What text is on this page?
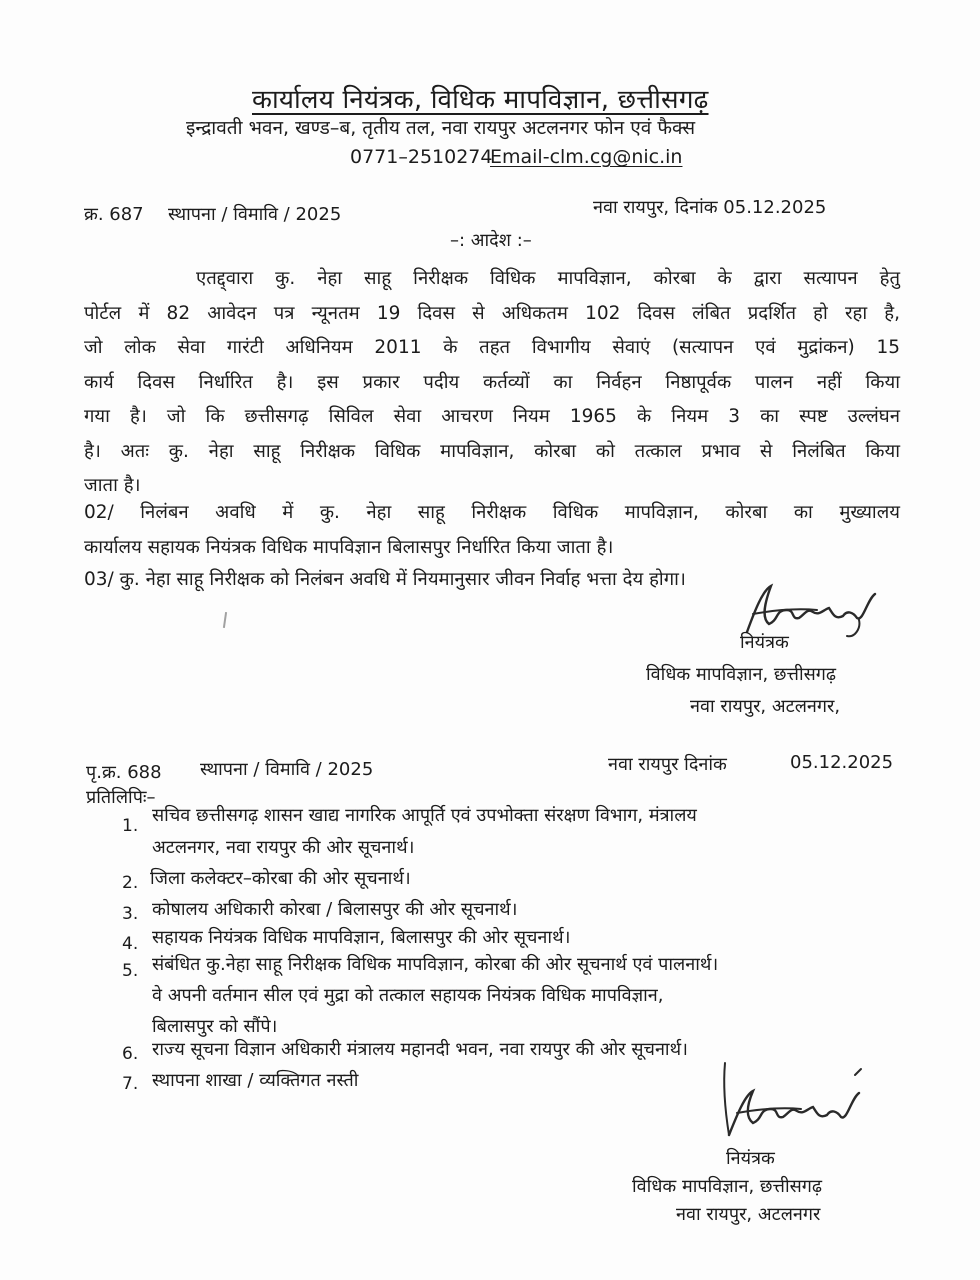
कार्यालय नियंत्रक, विधिक मापविज्ञान, छत्तीसगढ़
इन्द्रावती भवन, खण्ड–ब, तृतीय तल, नवा रायपुर अटलनगर फोन एवं फैक्स
0771–2510274
Email-clm.cg@nic.in
क्र. 687 स्थापना / विमावि / 2025	नवा रायपुर, दिनांक 05.12.2025
–: आदेश :–
एतद्द्वारा कु. नेहा साहू निरीक्षक विधिक मापविज्ञान, कोरबा के द्वारा सत्यापन हेतु
पोर्टल में 82 आवेदन पत्र न्यूनतम 19 दिवस से अधिकतम 102 दिवस लंबित प्रदर्शित हो रहा है,
जो लोक सेवा गारंटी अधिनियम 2011 के तहत विभागीय सेवाएं (सत्यापन एवं मुद्रांकन) 15
कार्य दिवस निर्धारित है। इस प्रकार पदीय कर्तव्यों का निर्वहन निष्ठापूर्वक पालन नहीं किया
गया है। जो कि छत्तीसगढ़ सिविल सेवा आचरण नियम 1965 के नियम 3 का स्पष्ट उल्लंघन
है। अतः कु. नेहा साहू निरीक्षक विधिक मापविज्ञान, कोरबा को तत्काल प्रभाव से निलंबित किया
जाता है।
02/ निलंबन अवधि में कु. नेहा साहू निरीक्षक विधिक मापविज्ञान, कोरबा का मुख्यालय
कार्यालय सहायक नियंत्रक विधिक मापविज्ञान बिलासपुर निर्धारित किया जाता है।
03/ कु. नेहा साहू निरीक्षक को निलंबन अवधि में नियमानुसार जीवन निर्वाह भत्ता देय होगा।
नियंत्रक
विधिक मापविज्ञान, छत्तीसगढ़
नवा रायपुर, अटलनगर,
पृ.क्र. 688 स्थापना / विमावि / 2025	नवा रायपुर दिनांक	05.12.2025
प्रतिलिपिः–
1. सचिव छत्तीसगढ़ शासन खाद्य नागरिक आपूर्ति एवं उपभोक्ता संरक्षण विभाग, मंत्रालय
अटलनगर, नवा रायपुर की ओर सूचनार्थ।
2. जिला कलेक्टर–कोरबा की ओर सूचनार्थ।
3. कोषालय अधिकारी कोरबा / बिलासपुर की ओर सूचनार्थ।
4. सहायक नियंत्रक विधिक मापविज्ञान, बिलासपुर की ओर सूचनार्थ।
5. संबंधित कु.नेहा साहू निरीक्षक विधिक मापविज्ञान, कोरबा की ओर सूचनार्थ एवं पालनार्थ।
वे अपनी वर्तमान सील एवं मुद्रा को तत्काल सहायक नियंत्रक विधिक मापविज्ञान,
बिलासपुर को सौंपे।
6. राज्य सूचना विज्ञान अधिकारी मंत्रालय महानदी भवन, नवा रायपुर की ओर सूचनार्थ।
7. स्थापना शाखा / व्यक्तिगत नस्ती
नियंत्रक
विधिक मापविज्ञान, छत्तीसगढ़
नवा रायपुर, अटलनगर
